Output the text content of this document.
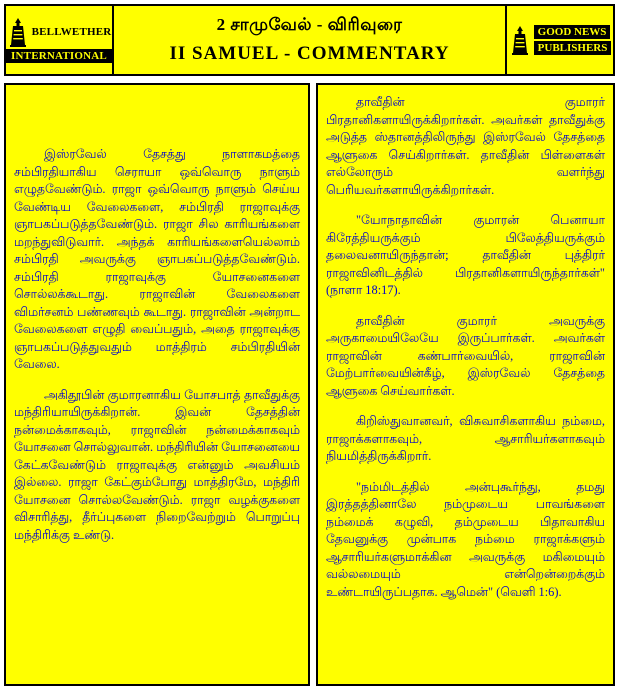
BELLWETHER
INTERNATIONAL
2 சாமுவேல் - விரிவுரை
II SAMUEL - COMMENTARY
GOOD NEWS
PUBLISHERS

இஸ்ரவேல் தேசத்து நாளாகமத்தை சம்பிரதியாகிய செராயா ஒவ்வொரு நாளும் எழுதவேண்டும். ராஜா ஒவ்வொரு நாளும் செய்ய வேண்டிய வேலைகளை, சம்பிரதி ராஜாவுக்கு ஞாபகப்படுத்தவேண்டும். ராஜா சில காரியங்களை மறந்துவிடுவார். அந்தக் காரியங்களையெல்லாம் சம்பிரதி அவருக்கு ஞாபகப்படுத்தவேண்டும். சம்பிரதி ராஜாவுக்கு யோசனைகளை சொல்லக்கூடாது. ராஜாவின் வேலைகளை விமர்சனம் பண்ணவும் கூடாது. ராஜாவின் அன்றாட வேலைகளை எழுதி வைப்பதும், அதை ராஜாவுக்கு ஞாபகப்படுத்துவதும் மாத்திரம் சம்பிரதியின் வேலை.

அகிதூபின் குமாரனாகிய யோசபாத் தாவீதுக்கு மந்திரியாயிருக்கிறான். இவன் தேசத்தின் நன்மைக்காகவும், ராஜாவின் நன்மைக்காகவும் யோசனை சொல்லுவான். மந்திரியின் யோசனையை கேட்கவேண்டும் ராஜாவுக்கு என்னும் அவசியம் இல்லை. ராஜா கேட்கும்போது மாத்திரமே, மந்திரி யோசனை சொல்லவேண்டும். ராஜா வழக்குகளை விசாரித்து, தீர்ப்புகளை நிறைவேற்றும் பொறுப்பு மந்திரிக்கு உண்டு.

தாவீதின் குமாரர் பிரதானிகளாயிருக்கிறார்கள். அவர்கள் தாவீதுக்கு அடுத்த ஸ்தானத்திலிருந்து இஸ்ரவேல் தேசத்தை ஆளுகை செய்கிறார்கள். தாவீதின் பிள்ளைகள் எல்லோரும் வளர்ந்து பெரியவர்களாயிருக்கிறார்கள்.

"யோநாதாவின் குமாரன் பெனாயா கிரேத்தியருக்கும் பிலேத்தியருக்கும் தலைவனாயிருந்தான்; தாவீதின் புத்திரர் ராஜாவினிடத்தில் பிரதானிகளாயிருந்தார்கள்" (நாளா 18:17).

தாவீதின் குமாரர் அவருக்கு அருகாமையிலேயே இருப்பார்கள். அவர்கள் ராஜாவின் கண்பார்வையில், ராஜாவின் மேற்பார்வையின்கீழ், இஸ்ரவேல் தேசத்தை ஆளுகை செய்வார்கள்.

கிறிஸ்துவானவர், விசுவாசிகளாகிய நம்மை, ராஜாக்களாகவும், ஆசாரியர்களாகவும் நியமித்திருக்கிறார்.

"நம்மிடத்தில் அன்புகூர்ந்து, தமது இரத்தத்தினாலே நம்முடைய பாவங்களை நம்மைக் கழுவி, தம்முடைய பிதாவாகிய தேவனுக்கு முன்பாக நம்மை ராஜாக்களும் ஆசாரியர்களுமாக்கின அவருக்கு மகிமையும் வல்லமையும் என்றென்றைக்கும் உண்டாயிருப்பதாக. ஆமென்" (வெளி 1:6).
